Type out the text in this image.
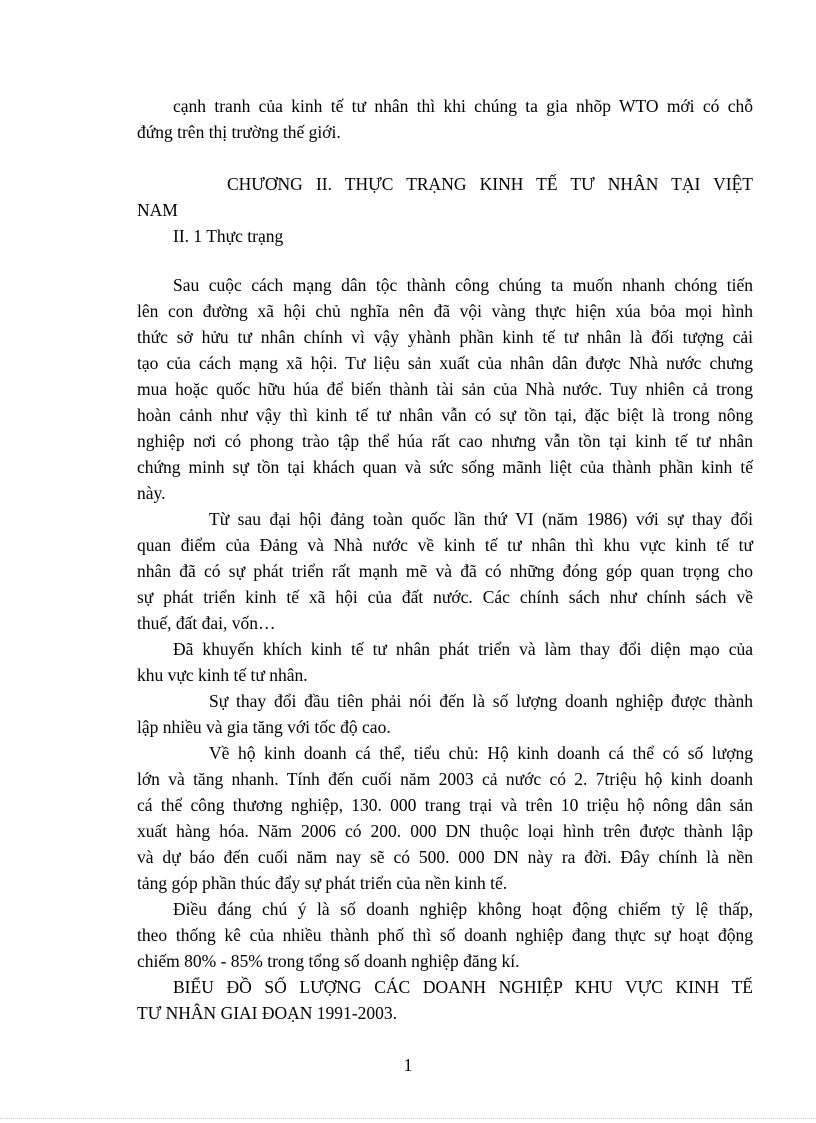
cạnh tranh của kinh tế tư nhân thì khi chúng ta gia nhõp WTO mới có chỗ
đứng trên thị trường thế giới.
CHƯƠNG II. THỰC TRẠNG KINH TẾ TƯ NHÂN TẠI VIỆT
NAM
II. 1 Thực trạng
Sau cuộc cách mạng dân tộc thành công chúng ta muốn nhanh chóng tiến
lên con đường xã hội chủ nghĩa nên đã vội vàng thực hiện xúa bỏa mọi hình
thức sở hửu tư nhân chính vì vậy yhành phần kinh tế tư nhân là đối tượng cải
tạo của cách mạng xã hội. Tư liệu sản xuất của nhân dân được Nhà nước chưng
mua hoặc quốc hữu húa để biến thành tài sản của Nhà nước. Tuy nhiên cả trong
hoàn cảnh như vậy thì kinh tế tư nhân vẫn có sự tồn tại, đặc biệt là trong nông
nghiệp nơi có phong trào tập thể húa rất cao nhưng vẫn tồn tại kinh tế tư nhân
chứng minh sự tồn tại khách quan và sức sống mãnh liệt của thành phần kinh tế
này.
Từ sau đại hội đảng toàn quốc lần thứ VI (năm 1986) với sự thay đổi
quan điểm của Đảng và Nhà nước về kinh tế tư nhân thì khu vực kinh tế tư
nhân đã có sự phát triển rất mạnh mẽ và đã có những đóng góp quan trọng cho
sự phát triển kinh tế xã hội của đất nước. Các chính sách như chính sách về
thuế, đất đai, vốn…
Đã khuyến khích kinh tế tư nhân phát triển và làm thay đổi diện mạo của
khu vực kinh tế tư nhân.
Sự thay đổi đầu tiên phải nói đến là số lượng doanh nghiệp được thành
lập nhiều và gia tăng với tốc độ cao.
Về hộ kinh doanh cá thể, tiểu chủ: Hộ kinh doanh cá thể có số lượng
lớn và tăng nhanh. Tính đến cuối năm 2003 cả nước có 2. 7triệu hộ kinh doanh
cá thể công thương nghiệp, 130. 000 trang trại và trên 10 triệu hộ nông dân sản
xuất hàng hóa. Năm 2006 có 200. 000 DN thuộc loại hình trên được thành lập
và dự báo đến cuối năm nay sẽ có 500. 000 DN này ra đời. Đây chính là nền
tảng góp phần thúc đẩy sự phát triển của nền kinh tế.
Điều đáng chú ý là số doanh nghiệp không hoạt động chiếm tỷ lệ thấp,
theo thống kê của nhiều thành phố thì số doanh nghiệp đang thực sự hoạt động
chiếm 80% - 85% trong tổng số doanh nghiệp đăng kí.
BIỂU ĐỒ SỐ LƯỢNG CÁC DOANH NGHIỆP KHU VỰC KINH TẾ
TƯ NHÂN GIAI ĐOẠN 1991-2003.
1
